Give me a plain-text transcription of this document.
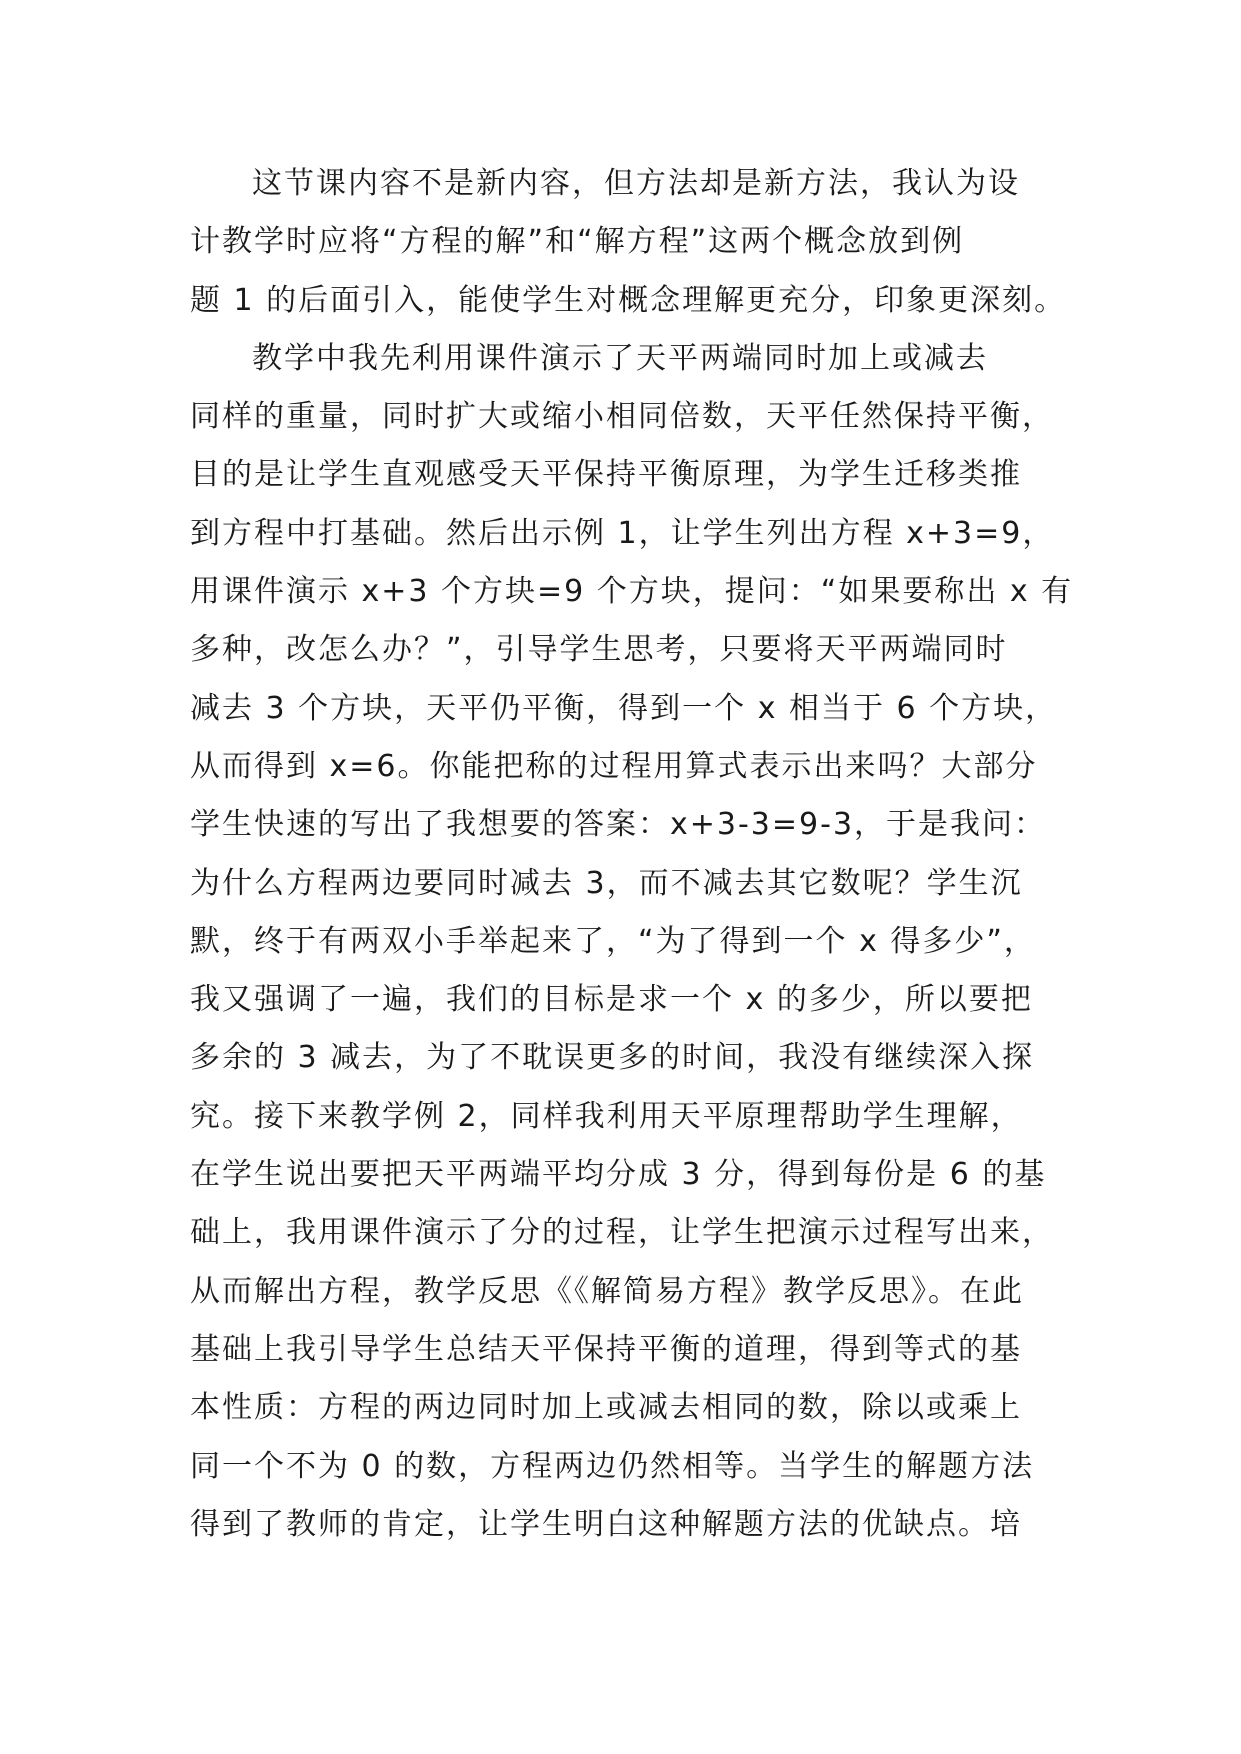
这节课内容不是新内容，但方法却是新方法，我认为设
计教学时应将“方程的解”和“解方程”这两个概念放到例
题 1 的后面引入，能使学生对概念理解更充分，印象更深刻。
教学中我先利用课件演示了天平两端同时加上或减去
同样的重量，同时扩大或缩小相同倍数，天平任然保持平衡，
目的是让学生直观感受天平保持平衡原理，为学生迁移类推
到方程中打基础。然后出示例 1，让学生列出方程 x+3=9，
用课件演示 x+3 个方块=9 个方块，提问：“如果要称出 x 有
多种，改怎么办？”，引导学生思考，只要将天平两端同时
减去 3 个方块，天平仍平衡，得到一个 x 相当于 6 个方块，
从而得到 x=6。你能把称的过程用算式表示出来吗？大部分
学生快速的写出了我想要的答案：x+3-3=9-3，于是我问：
为什么方程两边要同时减去 3，而不减去其它数呢？学生沉
默，终于有两双小手举起来了，“为了得到一个 x 得多少”，
我又强调了一遍，我们的目标是求一个 x 的多少，所以要把
多余的 3 减去，为了不耽误更多的时间，我没有继续深入探
究。接下来教学例 2，同样我利用天平原理帮助学生理解，
在学生说出要把天平两端平均分成 3 分，得到每份是 6 的基
础上，我用课件演示了分的过程，让学生把演示过程写出来，
从而解出方程，教学反思《《解简易方程》教学反思》。在此
基础上我引导学生总结天平保持平衡的道理，得到等式的基
本性质：方程的两边同时加上或减去相同的数，除以或乘上
同一个不为 0 的数，方程两边仍然相等。当学生的解题方法
得到了教师的肯定，让学生明白这种解题方法的优缺点。培
